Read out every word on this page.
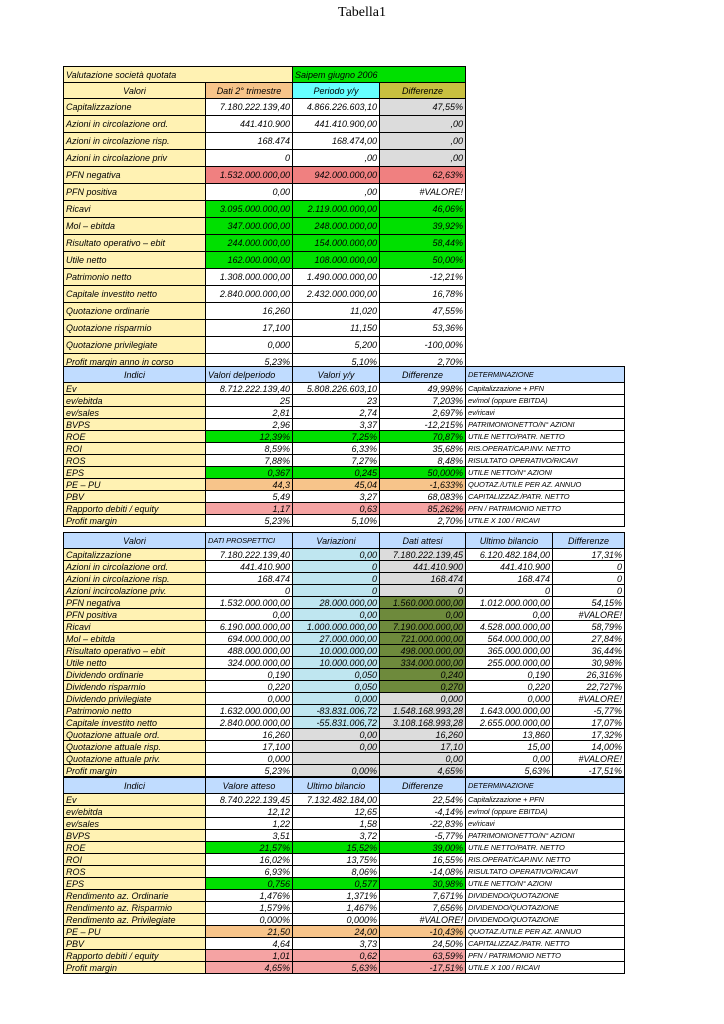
Tabella1
Valutazione società quotata		Saipem giugno 2006	
Valori	Dati 2° trimestre	Periodo y/y	Differenze
Capitalizzazione	7.180.222.139,40	4.866.226.603,10	47,55%
Azioni in circolazione ord.	441.410.900	441.410.900,00	,00
Azioni in circolazione risp.	168.474	168.474,00	,00
Azioni in circolazione priv	0	,00	,00
PFN negativa	1.532.000.000,00	942.000.000,00	62,63%
PFN positiva	0,00	,00	#VALORE!
Ricavi	3.095.000.000,00	2.119.000.000,00	46,06%
Mol – ebitda	347.000.000,00	248.000.000,00	39,92%
Risultato operativo – ebit	244.000.000,00	154.000.000,00	58,44%
Utile netto	162.000.000,00	108.000.000,00	50,00%
Patrimonio netto	1.308.000.000,00	1.490.000.000,00	-12,21%
Capitale investito netto	2.840.000.000,00	2.432.000.000,00	16,78%
Quotazione ordinarie	16,260	11,020	47,55%
Quotazione risparmio	17,100	11,150	53,36%
Quotazione privilegiate	0,000	5,200	-100,00%
Profit margin anno in corso	5,23%	5,10%	2,70%
Indici	Valori delperiodo	Valori y/y	Differenze	DETERMINAZIONE
Ev	8.712.222.139,40	5.808.226.603,10	49,998%	Capitalizzazione + PFN
ev/ebitda	25	23	7,203%	ev/mol (oppure EBITDA)
ev/sales	2,81	2,74	2,697%	ev/ricavi
BVPS	2,96	3,37	-12,215%	PATRIMONIONETTO/N° AZIONI
ROE	12,39%	7,25%	70,87%	UTILE NETTO/PATR. NETTO
ROI	8,59%	6,33%	35,68%	RIS.OPERAT/CAP.INV. NETTO
ROS	7,88%	7,27%	8,48%	RISULTATO OPERATIVO/RICAVI
EPS	0,367	0,245	50,000%	UTILE NETTO/N° AZIONI
PE – PU	44,3	45,04	-1,633%	QUOTAZ./UTILE PER AZ. ANNUO
PBV	5,49	3,27	68,083%	CAPITALIZZAZ./PATR. NETTO
Rapporto debiti / equity	1,17	0,63	85,262%	PFN / PATRIMONIO NETTO
Profit margin	5,23%	5,10%	2,70%	UTILE X 100 / RICAVI
Valori	DATI PROSPETTICI	Variazioni	Dati attesi	Ultimo bilancio	Differenze
Capitalizzazione	7.180.222.139,40	0,00	7.180.222.139,45	6.120.482.184,00	17,31%
Azioni in circolazione ord.	441.410.900	0	441.410.900	441.410.900	0
Azioni in circolazione risp.	168.474	0	168.474	168.474	0
Azioni incircolazione priv.	0	0	0	0	0
PFN negativa	1.532.000.000,00	28.000.000,00	1.560.000.000,00	1.012.000.000,00	54,15%
PFN positiva	0,00	0,00	0,00	0,00	#VALORE!
Ricavi	6.190.000.000,00	1.000.000.000,00	7.190.000.000,00	4.528.000.000,00	58,79%
Mol – ebitda	694.000.000,00	27.000.000,00	721.000.000,00	564.000.000,00	27,84%
Risultato operativo – ebit	488.000.000,00	10.000.000,00	498.000.000,00	365.000.000,00	36,44%
Utile netto	324.000.000,00	10.000.000,00	334.000.000,00	255.000.000,00	30,98%
Dividendo ordinarie	0,190	0,050	0,240	0,190	26,316%
Dividendo risparmio	0,220	0,050	0,270	0,220	22,727%
Dividendo privilegiate	0,000	0,000	0,000	0,000	#VALORE!
Patrimonio netto	1.632.000.000,00	-83.831.006,72	1.548.168.993,28	1.643.000.000,00	-5,77%
Capitale investito netto	2.840.000.000,00	-55.831.006,72	3.108.168.993,28	2.655.000.000,00	17,07%
Quotazione attuale ord.	16,260	0,00	16,260	13,860	17,32%
Quotazione attuale risp.	17,100	0,00	17,10	15,00	14,00%
Quotazione attuale priv.	0,000		0,00	0,00	#VALORE!
Profit margin	5,23%	0,00%	4,65%	5,63%	-17,51%
Indici	Valore atteso	Ultimo bilancio	Differenze	DETERMINAZIONE
Ev	8.740.222.139,45	7.132.482.184,00	22,54%	Capitalizzazione + PFN
ev/ebitda	12,12	12,65	-4,14%	ev/mol (oppure EBITDA)
ev/sales	1,22	1,58	-22,83%	ev/ricavi
BVPS	3,51	3,72	-5,77%	PATRIMONIONETTO/N° AZIONI
ROE	21,57%	15,52%	39,00%	UTILE NETTO/PATR. NETTO
ROI	16,02%	13,75%	16,55%	RIS.OPERAT/CAP.INV. NETTO
ROS	6,93%	8,06%	-14,08%	RISULTATO OPERATIVO/RICAVI
EPS	0,756	0,577	30,98%	UTILE NETTO/N° AZIONI
Rendimento az. Ordinarie	1,476%	1,371%	7,671%	DIVIDENDO/QUOTAZIONE
Rendimento az. Risparmio	1,579%	1,467%	7,656%	DIVIDENDO/QUOTAZIONE
Rendimento az. Privilegiate	0,000%	0,000%	#VALORE!	DIVIDENDO/QUOTAZIONE
PE – PU	21,50	24,00	-10,43%	QUOTAZ./UTILE PER AZ. ANNUO
PBV	4,64	3,73	24,50%	CAPITALIZZAZ./PATR. NETTO
Rapporto debiti / equity	1,01	0,62	63,59%	PFN / PATRIMONIO NETTO
Profit margin	4,65%	5,63%	-17,51%	UTILE X 100 / RICAVI
